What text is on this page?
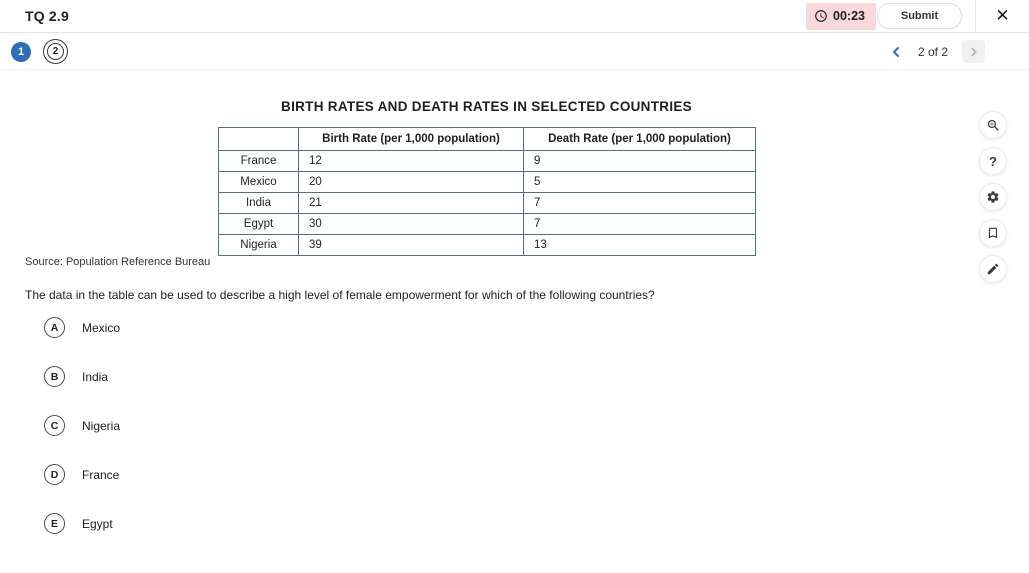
TQ 2.9	00:23	Submit	✕
1	2	2 of 2
BIRTH RATES AND DEATH RATES IN SELECTED COUNTRIES
	Birth Rate (per 1,000 population)	Death Rate (per 1,000 population)
France	12	9
Mexico	20	5
India	21	7
Egypt	30	7
Nigeria	39	13
Source: Population Reference Bureau
The data in the table can be used to describe a high level of female empowerment for which of the following countries?
A	Mexico
B	India
C	Nigeria
D	France
E	Egypt
?
